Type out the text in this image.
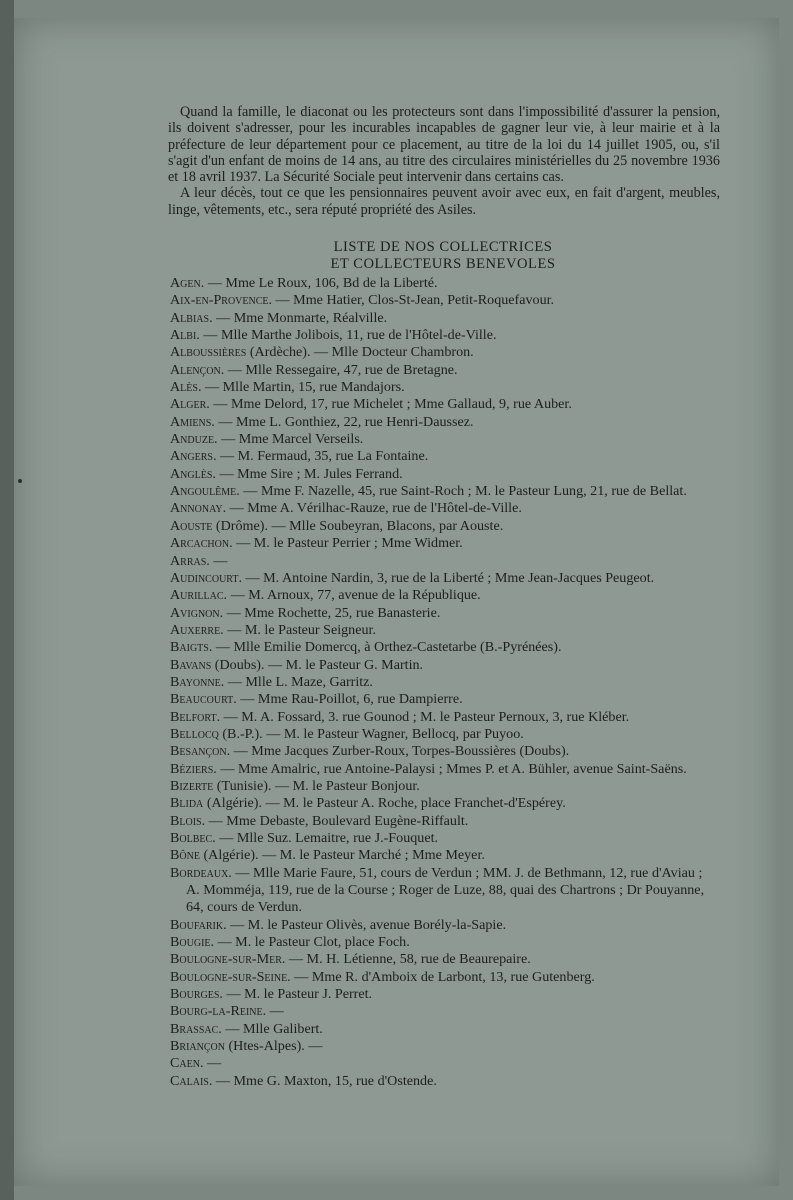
Quand la famille, le diaconat ou les protecteurs sont dans l'impossibilité d'assurer la pension, ils doivent s'adresser, pour les incurables incapables de gagner leur vie, à leur mairie et à la préfecture de leur département pour ce placement, au titre de la loi du 14 juillet 1905, ou, s'il s'agit d'un enfant de moins de 14 ans, au titre des circulaires ministérielles du 25 novembre 1936 et 18 avril 1937. La Sécurité Sociale peut intervenir dans certains cas.

A leur décès, tout ce que les pensionnaires peuvent avoir avec eux, en fait d'argent, meubles, linge, vêtements, etc., sera réputé propriété des Asiles.

LISTE DE NOS COLLECTRICES
ET COLLECTEURS BENEVOLES

Agen. — Mme Le Roux, 106, Bd de la Liberté.

Aix-en-Provence. — Mme Hatier, Clos-St-Jean, Petit-Roquefavour.

Albias. — Mme Monmarte, Réalville.

Albi. — Mlle Marthe Jolibois, 11, rue de l'Hôtel-de-Ville.

Alboussières (Ardèche). — Mlle Docteur Chambron.

Alençon. — Mlle Ressegaire, 47, rue de Bretagne.

Alès. — Mlle Martin, 15, rue Mandajors.

Alger. — Mme Delord, 17, rue Michelet ; Mme Gallaud, 9, rue Auber.

Amiens. — Mme L. Gonthiez, 22, rue Henri-Daussez.

Anduze. — Mme Marcel Verseils.

Angers. — M. Fermaud, 35, rue La Fontaine.

Anglès. — Mme Sire ; M. Jules Ferrand.

Angoulême. — Mme F. Nazelle, 45, rue Saint-Roch ; M. le Pasteur Lung, 21, rue de Bellat.

Annonay. — Mme A. Vérilhac-Rauze, rue de l'Hôtel-de-Ville.

Aouste (Drôme). — Mlle Soubeyran, Blacons, par Aouste.

Arcachon. — M. le Pasteur Perrier ; Mme Widmer.

Arras. —

Audincourt. — M. Antoine Nardin, 3, rue de la Liberté ; Mme Jean-Jacques Peugeot.

Aurillac. — M. Arnoux, 77, avenue de la République.

Avignon. — Mme Rochette, 25, rue Banasterie.

Auxerre. — M. le Pasteur Seigneur.

Baigts. — Mlle Emilie Domercq, à Orthez-Castetarbe (B.-Pyrénées).

Bavans (Doubs). — M. le Pasteur G. Martin.

Bayonne. — Mlle L. Maze, Garritz.

Beaucourt. — Mme Rau-Poillot, 6, rue Dampierre.

Belfort. — M. A. Fossard, 3. rue Gounod ; M. le Pasteur Pernoux, 3, rue Kléber.

Bellocq (B.-P.). — M. le Pasteur Wagner, Bellocq, par Puyoo.

Besançon. — Mme Jacques Zurber-Roux, Torpes-Boussières (Doubs).

Béziers. — Mme Amalric, rue Antoine-Palaysi ; Mmes P. et A. Bühler, avenue Saint-Saëns.

Bizerte (Tunisie). — M. le Pasteur Bonjour.

Blida (Algérie). — M. le Pasteur A. Roche, place Franchet-d'Espérey.

Blois. — Mme Debaste, Boulevard Eugène-Riffault.

Bolbec. — Mlle Suz. Lemaitre, rue J.-Fouquet.

Bône (Algérie). — M. le Pasteur Marché ; Mme Meyer.

Bordeaux. — Mlle Marie Faure, 51, cours de Verdun ; MM. J. de Bethmann, 12, rue d'Aviau ; A. Momméja, 119, rue de la Course ; Roger de Luze, 88, quai des Chartrons ; Dr Pouyanne, 64, cours de Verdun.

Boufarik. — M. le Pasteur Olivès, avenue Borély-la-Sapie.

Bougie. — M. le Pasteur Clot, place Foch.

Boulogne-sur-Mer. — M. H. Létienne, 58, rue de Beaurepaire.

Boulogne-sur-Seine. — Mme R. d'Amboix de Larbont, 13, rue Gutenberg.

Bourges. — M. le Pasteur J. Perret.

Bourg-la-Reine. —

Brassac. — Mlle Galibert.

Briançon (Htes-Alpes). —

Caen. —

Calais. — Mme G. Maxton, 15, rue d'Ostende.
